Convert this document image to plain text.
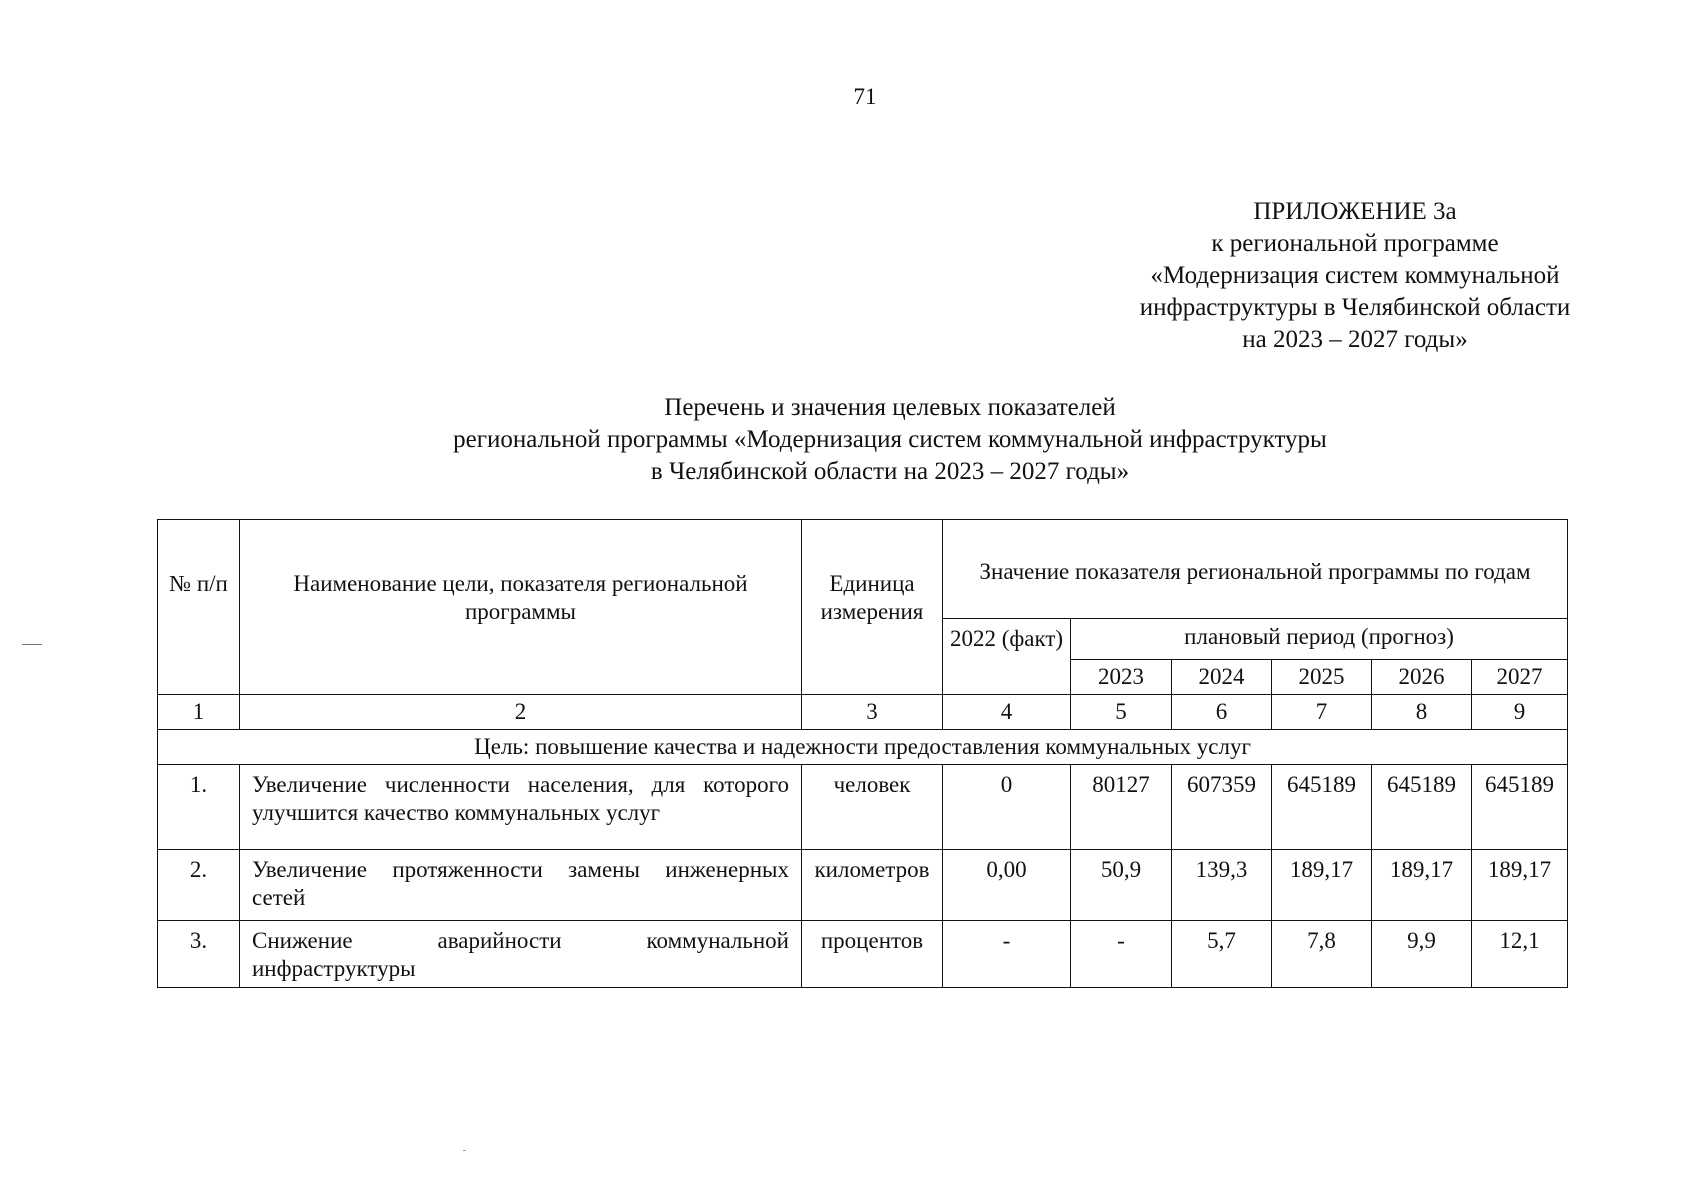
71
ПРИЛОЖЕНИЕ 3а
к региональной программе
«Модернизация систем коммунальной
инфраструктуры в Челябинской области
на 2023 – 2027 годы»
Перечень и значения целевых показателей
региональной программы «Модернизация систем коммунальной инфраструктуры
в Челябинской области на 2023 – 2027 годы»
№ п/п	Наименование цели, показателя региональной программы	Единица измерения	Значение показателя региональной программы по годам					
			2022 (факт)	плановый период (прогноз)				
				2023	2024	2025	2026	2027
1	2	3	4	5	6	7	8	9
Цель: повышение качества и надежности предоставления коммунальных услуг								
1.	Увеличение численности населения, для которого улучшится качество коммунальных услуг	человек	0	80127	607359	645189	645189	645189
2.	Увеличение протяженности замены инженерных сетей	километров	0,00	50,9	139,3	189,17	189,17	189,17
3.	Снижение аварийности коммунальной инфраструктуры	процентов	-	-	5,7	7,8	9,9	12,1
